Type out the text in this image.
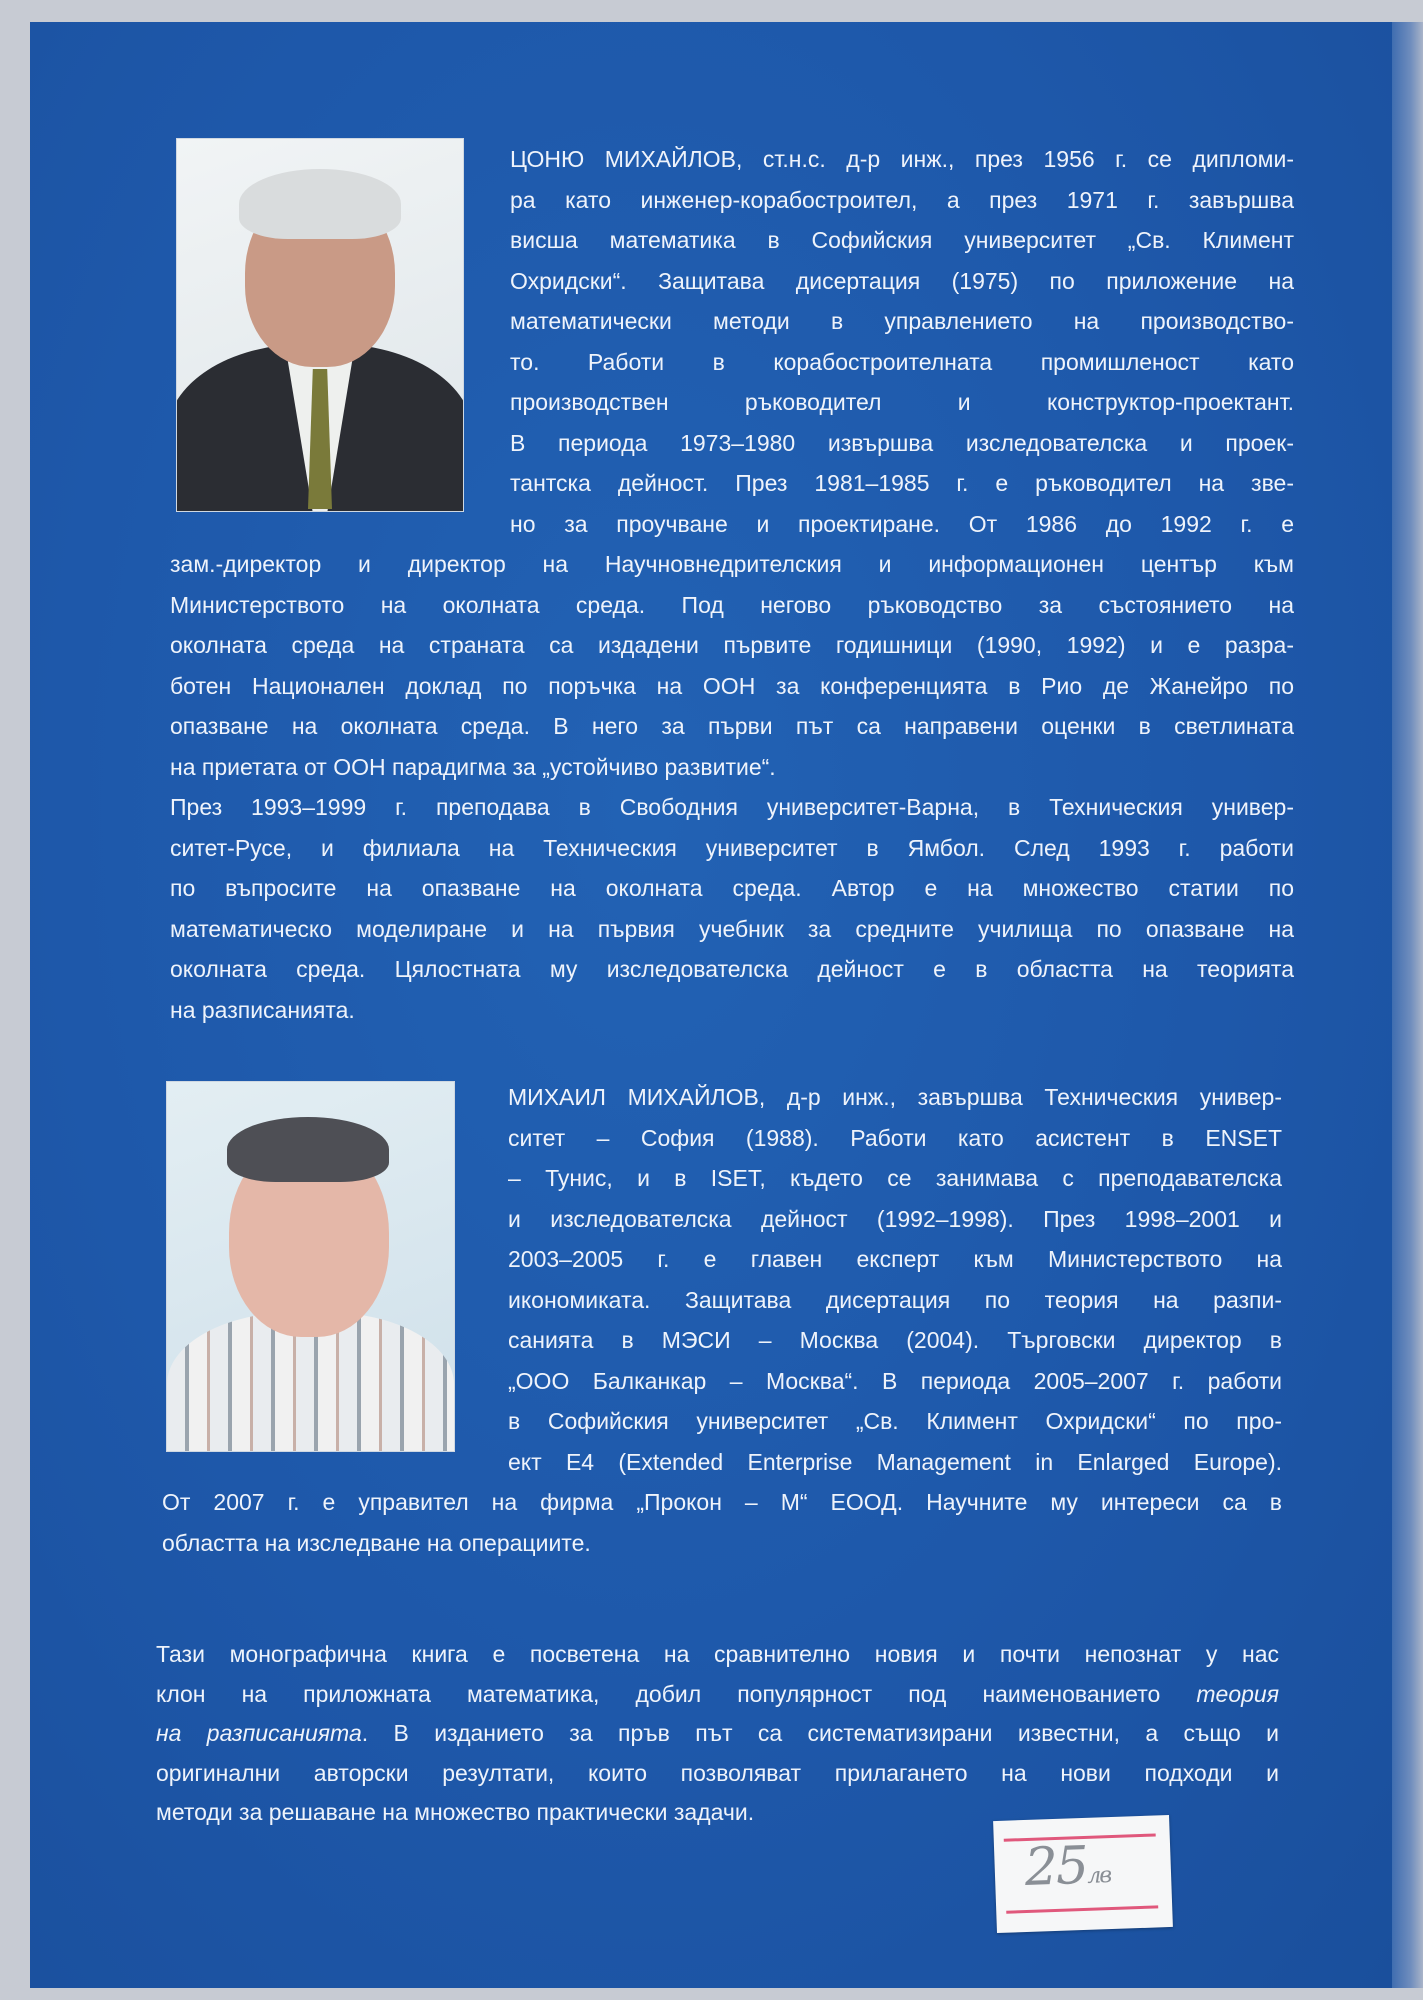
ЦОНЮ МИХАЙЛОВ, ст.н.с. д-р инж., през 1956 г. се дипломи-
ра като инженер-корабостроител, а през 1971 г. завършва
висша математика в Софийския университет „Св. Климент
Охридски“. Защитава дисертация (1975) по приложение на
математически методи в управлението на производство-
то. Работи в корабостроителната промишленост като
производствен ръководител и конструктор-проектант.
В периода 1973–1980 извършва изследователска и проек-
тантска дейност. През 1981–1985 г. е ръководител на зве-
но за проучване и проектиране. От 1986 до 1992 г. е
зам.-директор и директор на Научновнедрителския и информационен център към
Министерството на околната среда. Под негово ръководство за състоянието на
околната среда на страната са издадени първите годишници (1990, 1992) и е разра-
ботен Национален доклад по поръчка на ООН за конференцията в Рио де Жанейро по
опазване на околната среда. В него за първи път са направени оценки в светлината
на приетата от ООН парадигма за „устойчиво развитие“.
През 1993–1999 г. преподава в Свободния университет-Варна, в Техническия универ-
ситет-Русе, и филиала на Техническия университет в Ямбол. След 1993 г. работи
по въпросите на опазване на околната среда. Автор е на множество статии по
математическо моделиране и на първия учебник за средните училища по опазване на
околната среда. Цялостната му изследователска дейност е в областта на теорията
на разписанията.
МИХАИЛ МИХАЙЛОВ, д-р инж., завършва Техническия универ-
ситет – София (1988). Работи като асистент в ENSET
– Тунис, и в ISET, където се занимава с преподавателска
и изследователска дейност (1992–1998). През 1998–2001 и
2003–2005 г. е главен експерт към Министерството на
икономиката. Защитава дисертация по теория на разпи-
санията в МЭСИ – Москва (2004). Търговски директор в
„ООО Балканкар – Москва“. В периода 2005–2007 г. работи
в Софийския университет „Св. Климент Охридски“ по про-
ект E4 (Extended Enterprise Management in Enlarged Europe).
От 2007 г. е управител на фирма „Прокон – М“ ЕООД. Научните му интереси са в
областта на изследване на операциите.
Тази монографична книга е посветена на сравнително новия и почти непознат у нас
клон на приложната математика, добил популярност под наименованието теория
на разписанията. В изданието за пръв път са систематизирани известни, а също и
оригинални авторски резултати, които позволяват прилагането на нови подходи и
методи за решаване на множество практически задачи.
25лв
